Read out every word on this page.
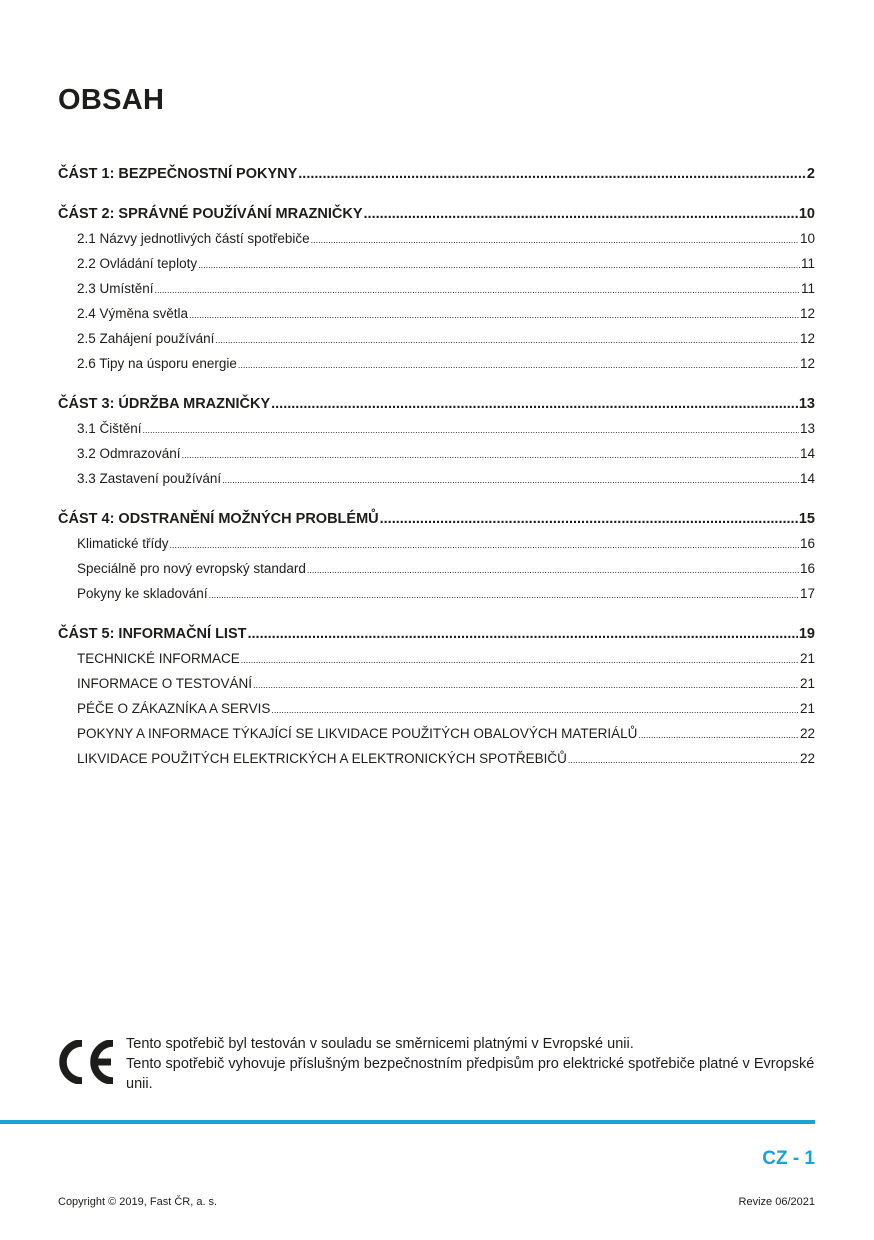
OBSAH
ČÁST 1: BEZPEČNOSTNÍ POKYNY .....	2
ČÁST 2: SPRÁVNÉ POUŽÍVÁNÍ MRAZNIČKY .....	10
2.1 Názvy jednotlivých částí spotřebiče .....	10
2.2 Ovládání teploty .....	11
2.3 Umístění .....	11
2.4 Výměna světla .....	12
2.5 Zahájení používání .....	12
2.6 Tipy na úsporu energie .....	12
ČÁST 3: ÚDRŽBA MRAZNIČKY .....	13
3.1 Čištění .....	13
3.2 Odmrazování .....	14
3.3 Zastavení používání .....	14
ČÁST 4: ODSTRANĚNÍ MOŽNÝCH PROBLÉMŮ .....	15
Klimatické třídy .....	16
Speciálně pro nový evropský standard .....	16
Pokyny ke skladování .....	17
ČÁST 5: INFORMAČNÍ LIST .....	19
TECHNICKÉ INFORMACE .....	21
INFORMACE O TESTOVÁNÍ .....	21
PÉČE O ZÁKAZNÍKA A SERVIS .....	21
POKYNY A INFORMACE TÝKAJÍCÍ SE LIKVIDACE POUŽITÝCH OBALOVÝCH MATERIÁLŮ .....	22
LIKVIDACE POUŽITÝCH ELEKTRICKÝCH A ELEKTRONICKÝCH SPOTŘEBIČŮ .....	22
Tento spotřebič byl testován v souladu se směrnicemi platnými v Evropské unii.
Tento spotřebič vyhovuje příslušným bezpečnostním předpisům pro elektrické spotřebiče platné v Evropské unii.
CZ - 1
Copyright © 2019, Fast ČR, a. s.	Revize 06/2021
